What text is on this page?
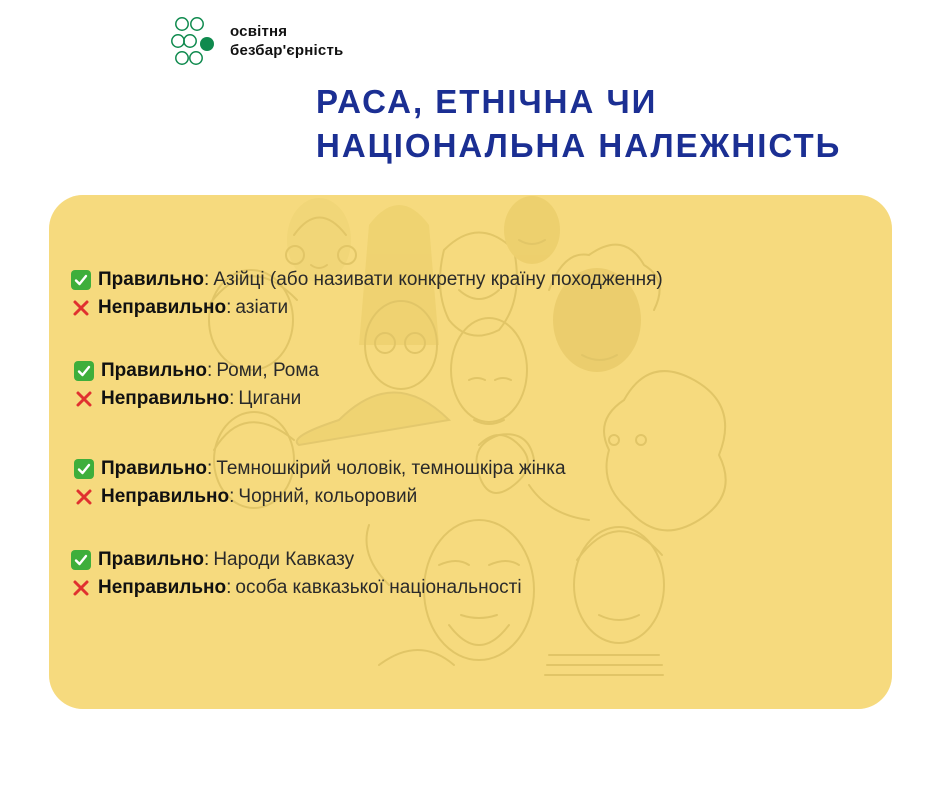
освітня
безбар'єрність
РАСА, ЕТНІЧНА ЧИ
НАЦІОНАЛЬНА НАЛЕЖНІСТЬ
Правильно : Азійці (або називати конкретну країну походження)
Неправильно : азіати
Правильно : Роми, Рома
Неправильно : Цигани
Правильно : Темношкірий чоловік, темношкіра жінка
Неправильно : Чорний, кольоровий
Правильно : Народи Кавказу
Неправильно : особа кавказької національності
